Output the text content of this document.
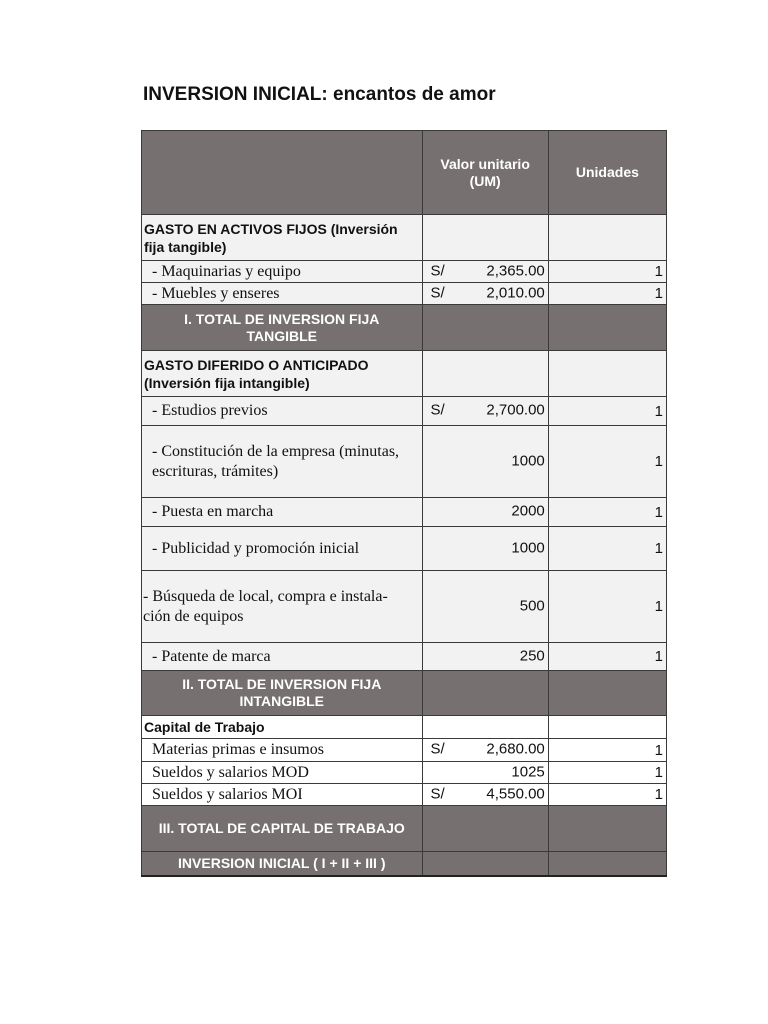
INVERSION INICIAL: encantos de amor
	Valor unitario (UM)	Unidades
GASTO EN ACTIVOS FIJOS (Inversión fija tangible)		
- Maquinarias y equipo	S/ 2,365.00	1
- Muebles y enseres	S/ 2,010.00	1
I. TOTAL DE INVERSION FIJA TANGIBLE		
GASTO DIFERIDO O ANTICIPADO (Inversión fija intangible)		
- Estudios previos	S/ 2,700.00	1
- Constitución de la empresa (minutas, escrituras, trámites)	1000	1
- Puesta en marcha	2000	1
- Publicidad y promoción inicial	1000	1
- Búsqueda de local, compra e instala- ción de equipos	500	1
- Patente de marca	250	1
II. TOTAL DE INVERSION FIJA INTANGIBLE		
Capital de Trabajo		
Materias primas e insumos	S/ 2,680.00	1
Sueldos y salarios MOD	1025	1
Sueldos y salarios MOI	S/ 4,550.00	1
III. TOTAL DE CAPITAL DE TRABAJO		
INVERSION INICIAL ( I + II + III )		
